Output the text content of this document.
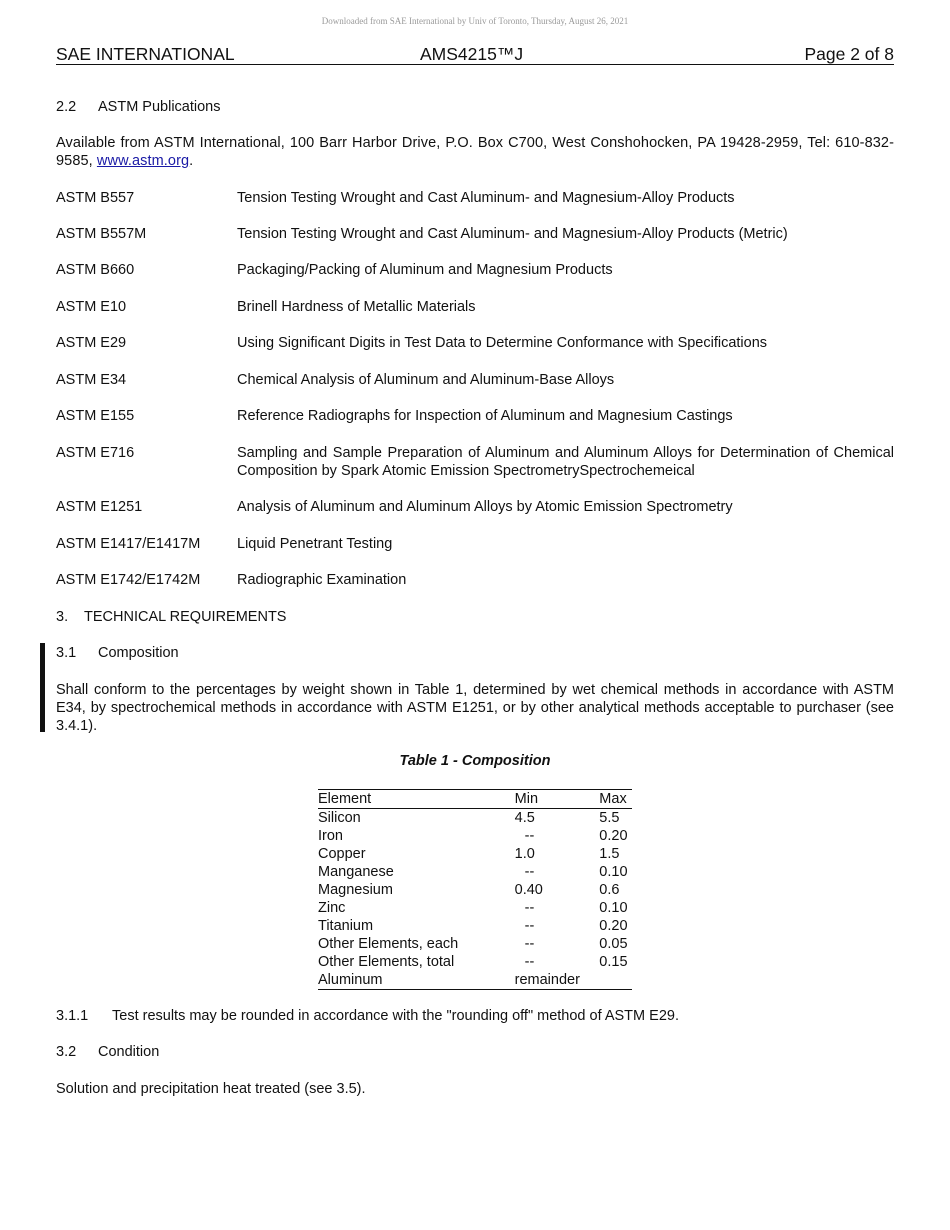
Downloaded from SAE International by Univ of Toronto, Thursday, August 26, 2021
SAE INTERNATIONAL	AMS4215™J	Page 2 of 8
2.2 ASTM Publications
Available from ASTM International, 100 Barr Harbor Drive, P.O. Box C700, West Conshohocken, PA 19428-2959, Tel: 610-832-9585, www.astm.org.
ASTM B557	Tension Testing Wrought and Cast Aluminum- and Magnesium-Alloy Products
ASTM B557M	Tension Testing Wrought and Cast Aluminum- and Magnesium-Alloy Products (Metric)
ASTM B660	Packaging/Packing of Aluminum and Magnesium Products
ASTM E10	Brinell Hardness of Metallic Materials
ASTM E29	Using Significant Digits in Test Data to Determine Conformance with Specifications
ASTM E34	Chemical Analysis of Aluminum and Aluminum-Base Alloys
ASTM E155	Reference Radiographs for Inspection of Aluminum and Magnesium Castings
ASTM E716	Sampling and Sample Preparation of Aluminum and Aluminum Alloys for Determination of Chemical Composition by Spark Atomic Emission SpectrometrySpectrochemeical
ASTM E1251	Analysis of Aluminum and Aluminum Alloys by Atomic Emission Spectrometry
ASTM E1417/E1417M	Liquid Penetrant Testing
ASTM E1742/E1742M	Radiographic Examination
3. TECHNICAL REQUIREMENTS
3.1 Composition
Shall conform to the percentages by weight shown in Table 1, determined by wet chemical methods in accordance with ASTM E34, by spectrochemical methods in accordance with ASTM E1251, or by other analytical methods acceptable to purchaser (see 3.4.1).
Table 1 - Composition
Element	Min	Max
Silicon	4.5	5.5
Iron	--	0.20
Copper	1.0	1.5
Manganese	--	0.10
Magnesium	0.40	0.6
Zinc	--	0.10
Titanium	--	0.20
Other Elements, each	--	0.05
Other Elements, total	--	0.15
Aluminum	remainder	
3.1.1 Test results may be rounded in accordance with the "rounding off" method of ASTM E29.
3.2 Condition
Solution and precipitation heat treated (see 3.5).
